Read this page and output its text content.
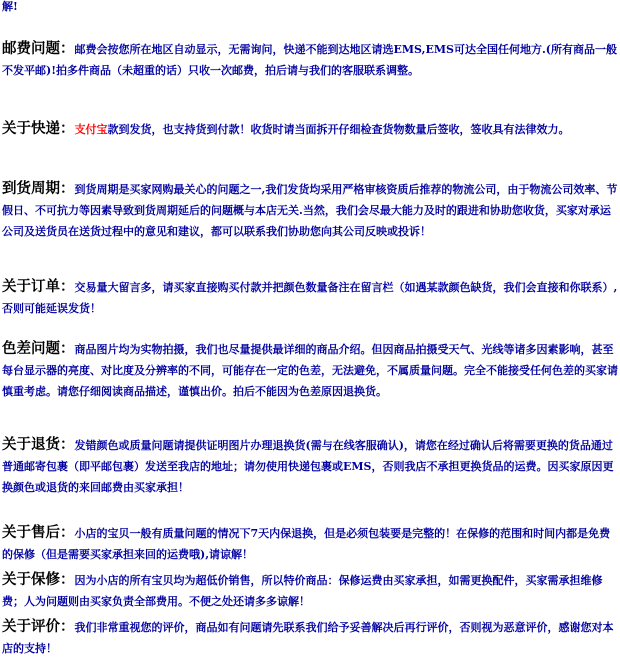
解!

邮费问题：邮费会按您所在地区自动显示，无需询问，快递不能到达地区请选EMS,EMS可达全国任何地方.(所有商品一般不发平邮)!拍多件商品（未超重的话）只收一次邮费，拍后请与我们的客服联系调整。

关于快递：支付宝款到发货，也支持货到付款！收货时请当面拆开仔细检查货物数量后签收，签收具有法律效力。

到货周期：到货周期是买家网购最关心的问题之一,我们发货均采用严格审核资质后推荐的物流公司，由于物流公司效率、节假日、不可抗力等因素导致到货周期延后的问题概与本店无关.当然，我们会尽最大能力及时的跟进和协助您收货，买家对承运公司及送货员在送货过程中的意见和建议，都可以联系我们协助您向其公司反映或投诉！

关于订单：交易量大留言多，请买家直接购买付款并把颜色数量备注在留言栏（如遇某款颜色缺货，我们会直接和你联系）,否则可能延误发货！

色差问题：商品图片均为实物拍摄，我们也尽量提供最详细的商品介绍。但因商品拍摄受天气、光线等诸多因素影响，甚至每台显示器的亮度、对比度及分辨率的不同，可能存在一定的色差，无法避免，不属质量问题。完全不能接受任何色差的买家请慎重考虑。请您仔细阅读商品描述，谨慎出价。拍后不能因为色差原因退换货。

关于退货：发错颜色或质量问题请提供证明图片办理退换货(需与在线客服确认)，请您在经过确认后将需要更换的货品通过普通邮寄包裹（即平邮包裹）发送至我店的地址；请勿使用快递包裹或EMS，否则我店不承担更换货品的运费。因买家原因更换颜色或退货的来回邮费由买家承担！

关于售后：小店的宝贝一般有质量问题的情况下7天内保退换，但是必须包装要是完整的！在保修的范围和时间内都是免费的保修（但是需要买家承担来回的运费哦),请谅解！

关于保修：因为小店的所有宝贝均为超低价销售，所以特价商品：保修运费由买家承担，如需更换配件，买家需承担维修费；人为问题则由买家负责全部费用。不便之处还请多多谅解！

关于评价：我们非常重视您的评价，商品如有问题请先联系我们给予妥善解决后再行评价，否则视为恶意评价，感谢您对本店的支持！
